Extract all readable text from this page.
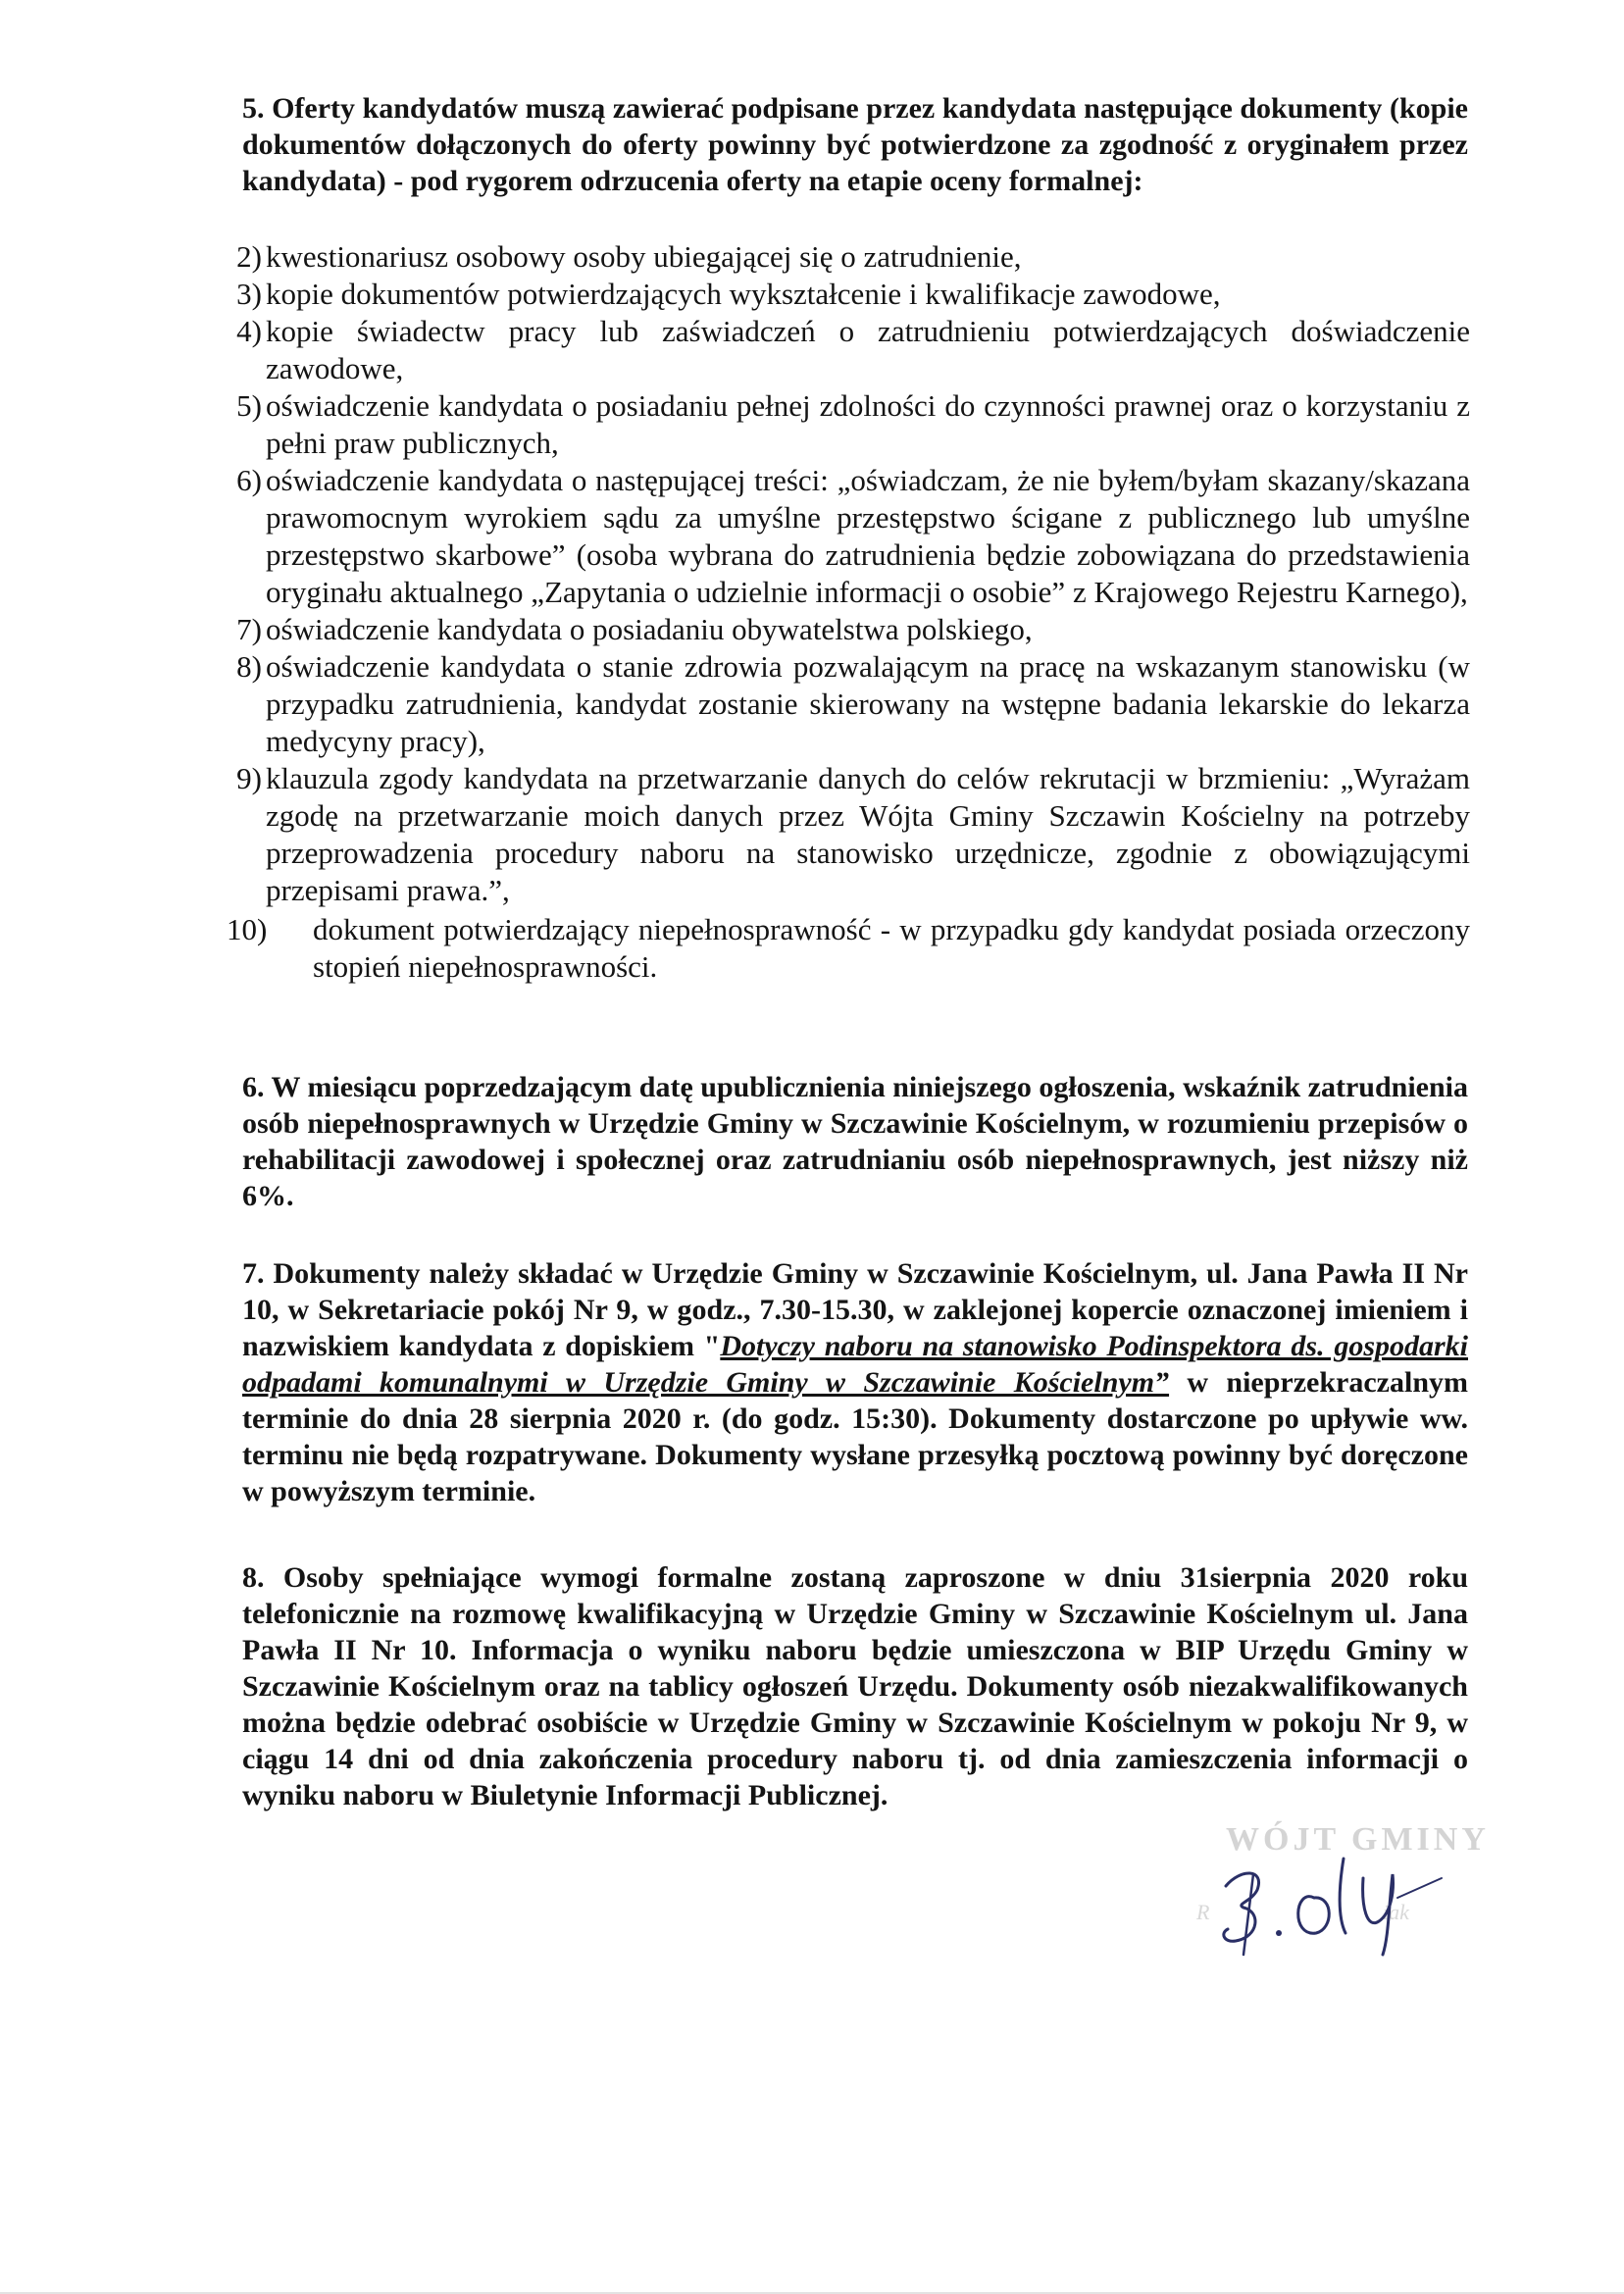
5. Oferty kandydatów muszą zawierać podpisane przez kandydata następujące dokumenty (kopie dokumentów dołączonych do oferty powinny być potwierdzone za zgodność z oryginałem przez kandydata) - pod rygorem odrzucenia oferty na etapie oceny formalnej:
2) kwestionariusz osobowy osoby ubiegającej się o zatrudnienie,
3) kopie dokumentów potwierdzających wykształcenie i kwalifikacje zawodowe,
4) kopie świadectw pracy lub zaświadczeń o zatrudnieniu potwierdzających doświadczenie zawodowe,
5) oświadczenie kandydata o posiadaniu pełnej zdolności do czynności prawnej oraz o korzystaniu z pełni praw publicznych,
6) oświadczenie kandydata o następującej treści: „oświadczam, że nie byłem/byłam skazany/skazana prawomocnym wyrokiem sądu za umyślne przestępstwo ścigane z publicznego lub umyślne przestępstwo skarbowe” (osoba wybrana do zatrudnienia będzie zobowiązana do przedstawienia oryginału aktualnego „Zapytania o udzielnie informacji o osobie” z Krajowego Rejestru Karnego),
7) oświadczenie kandydata o posiadaniu obywatelstwa polskiego,
8) oświadczenie kandydata o stanie zdrowia pozwalającym na pracę na wskazanym stanowisku (w przypadku zatrudnienia, kandydat zostanie skierowany na wstępne badania lekarskie do lekarza medycyny pracy),
9) klauzula zgody kandydata na przetwarzanie danych do celów rekrutacji w brzmieniu: „Wyrażam zgodę na przetwarzanie moich danych przez Wójta Gminy Szczawin Kościelny na potrzeby przeprowadzenia procedury naboru na stanowisko urzędnicze, zgodnie z obowiązującymi przepisami prawa.”,
10)	dokument potwierdzający niepełnosprawność - w przypadku gdy kandydat posiada orzeczony stopień niepełnosprawności.
6. W miesiącu poprzedzającym datę upublicznienia niniejszego ogłoszenia, wskaźnik zatrudnienia osób niepełnosprawnych w Urzędzie Gminy w Szczawinie Kościelnym, w rozumieniu przepisów o rehabilitacji zawodowej i społecznej oraz zatrudnianiu osób niepełnosprawnych, jest niższy niż 6%.
7. Dokumenty należy składać w Urzędzie Gminy w Szczawinie Kościelnym, ul. Jana Pawła II Nr 10, w Sekretariacie pokój Nr 9, w godz., 7.30-15.30, w zaklejonej kopercie oznaczonej imieniem i nazwiskiem kandydata z dopiskiem "Dotyczy naboru na stanowisko Podinspektora ds. gospodarki odpadami komunalnymi w Urzędzie Gminy w Szczawinie Kościelnym” w nieprzekraczalnym terminie do dnia 28 sierpnia 2020 r. (do godz. 15:30). Dokumenty dostarczone po upływie ww. terminu nie będą rozpatrywane. Dokumenty wysłane przesyłką pocztową powinny być doręczone w powyższym terminie.
8. Osoby spełniające wymogi formalne zostaną zaproszone w dniu 31sierpnia 2020 roku telefonicznie na rozmowę kwalifikacyjną w Urzędzie Gminy w Szczawinie Kościelnym ul. Jana Pawła II Nr 10. Informacja o wyniku naboru będzie umieszczona w BIP Urzędu Gminy w Szczawinie Kościelnym oraz na tablicy ogłoszeń Urzędu. Dokumenty osób niezakwalifikowanych można będzie odebrać osobiście w Urzędzie Gminy w Szczawinie Kościelnym w pokoju Nr 9, w ciągu 14 dni od dnia zakończenia procedury naboru tj. od dnia zamieszczenia informacji o wyniku naboru w Biuletynie Informacji Publicznej.
WÓJT GMINY
R	iak
